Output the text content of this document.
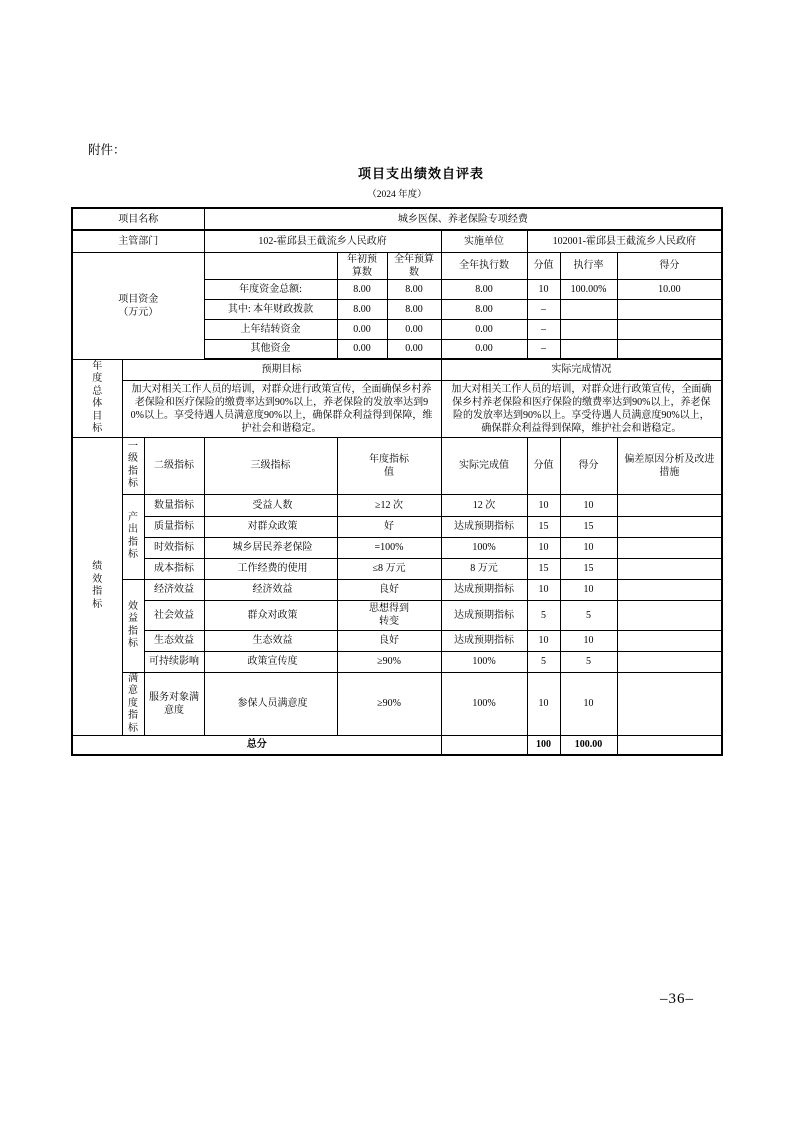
附件：
项目支出绩效自评表
（2024 年度）
项目名称			城乡医保、养老保险专项经费						
主管部门			102-霍邱县王截流乡人民政府			实施单位	102001-霍邱县王截流乡人民政府		

项目资金
（万元）				年初预算数	全年预算数	全年执行数	分值	执行率	得分
			年度资金总额:	8.00	8.00	8.00	10	100.00%	10.00
			其中: 本年财政拨款	8.00	8.00	8.00	–		
			上年结转资金	0.00	0.00	0.00	–		
			其他资金	0.00	0.00	0.00	–		
年度总体目标	预期目标					实际完成情况			
	加大对相关工作人员的培训，对群众进行政策宣传，全面确保乡村养老保险和医疗保险的缴费率达到90%以上，养老保险的发放率达到90%以上。享受待遇人员满意度90%以上，确保群众利益得到保障，维护社会和谐稳定。					加大对相关工作人员的培训，对群众进行政策宣传，全面确保乡村养老保险和医疗保险的缴费率达到90%以上，养老保险的发放率达到90%以上。享受待遇人员满意度90%以上，确保群众利益得到保障，维护社会和谐稳定。			
绩效指标	一级指标	二级指标	三级指标	年度指标值		实际完成值	分值	得分	偏差原因分析及改进措施
	产出指标	数量指标	受益人数	≥12 次		12 次	10	10	
		质量指标	对群众政策	好		达成预期指标	15	15	
		时效指标	城乡居民养老保险	=100%		100%	10	10	
		成本指标	工作经费的使用	≤8 万元		8 万元	15	15	
	效益指标	经济效益	经济效益	良好		达成预期指标	10	10	
		社会效益	群众对政策	思想得到转变		达成预期指标	5	5	
		生态效益	生态效益	良好		达成预期指标	10	10	
		可持续影响	政策宣传度	≥90%		100%	5	5	
	满意度指标	服务对象满意度	参保人员满意度	≥90%		100%	10	10	
总分							100	100.00	
–36–
